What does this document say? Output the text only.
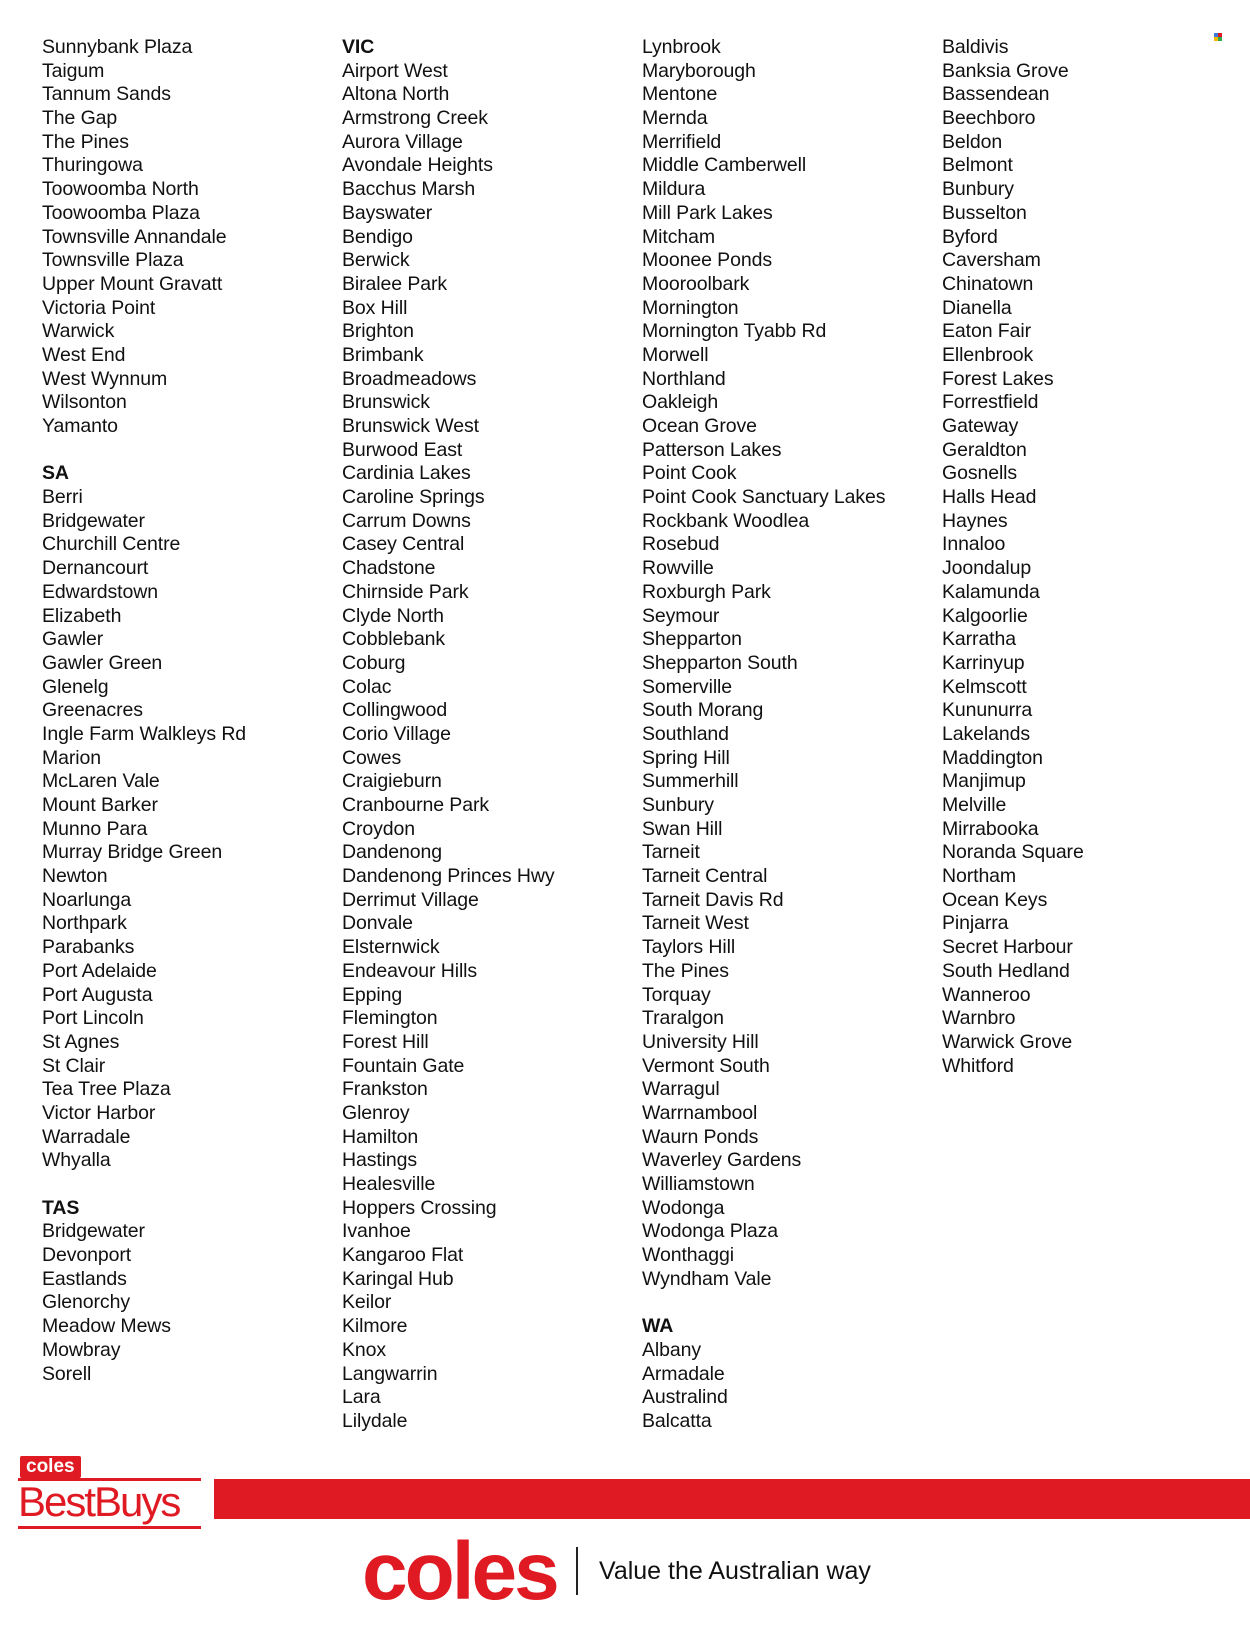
Sunnybank Plaza
Taigum
Tannum Sands
The Gap
The Pines
Thuringowa
Toowoomba North
Toowoomba Plaza
Townsville Annandale
Townsville Plaza
Upper Mount Gravatt
Victoria Point
Warwick
West End
West Wynnum
Wilsonton
Yamanto
SA
Berri
Bridgewater
Churchill Centre
Dernancourt
Edwardstown
Elizabeth
Gawler
Gawler Green
Glenelg
Greenacres
Ingle Farm Walkleys Rd
Marion
McLaren Vale
Mount Barker
Munno Para
Murray Bridge Green
Newton
Noarlunga
Northpark
Parabanks
Port Adelaide
Port Augusta
Port Lincoln
St Agnes
St Clair
Tea Tree Plaza
Victor Harbor
Warradale
Whyalla
TAS
Bridgewater
Devonport
Eastlands
Glenorchy
Meadow Mews
Mowbray
Sorell
VIC
Airport West
Altona North
Armstrong Creek
Aurora Village
Avondale Heights
Bacchus Marsh
Bayswater
Bendigo
Berwick
Biralee Park
Box Hill
Brighton
Brimbank
Broadmeadows
Brunswick
Brunswick West
Burwood East
Cardinia Lakes
Caroline Springs
Carrum Downs
Casey Central
Chadstone
Chirnside Park
Clyde North
Cobblebank
Coburg
Colac
Collingwood
Corio Village
Cowes
Craigieburn
Cranbourne Park
Croydon
Dandenong
Dandenong Princes Hwy
Derrimut Village
Donvale
Elsternwick
Endeavour Hills
Epping
Flemington
Forest Hill
Fountain Gate
Frankston
Glenroy
Hamilton
Hastings
Healesville
Hoppers Crossing
Ivanhoe
Kangaroo Flat
Karingal Hub
Keilor
Kilmore
Knox
Langwarrin
Lara
Lilydale
Lynbrook
Maryborough
Mentone
Mernda
Merrifield
Middle Camberwell
Mildura
Mill Park Lakes
Mitcham
Moonee Ponds
Mooroolbark
Mornington
Mornington Tyabb Rd
Morwell
Northland
Oakleigh
Ocean Grove
Patterson Lakes
Point Cook
Point Cook Sanctuary Lakes
Rockbank Woodlea
Rosebud
Rowville
Roxburgh Park
Seymour
Shepparton
Shepparton South
Somerville
South Morang
Southland
Spring Hill
Summerhill
Sunbury
Swan Hill
Tarneit
Tarneit Central
Tarneit Davis Rd
Tarneit West
Taylors Hill
The Pines
Torquay
Traralgon
University Hill
Vermont South
Warragul
Warrnambool
Waurn Ponds
Waverley Gardens
Williamstown
Wodonga
Wodonga Plaza
Wonthaggi
Wyndham Vale
WA
Albany
Armadale
Australind
Balcatta
Baldivis
Banksia Grove
Bassendean
Beechboro
Beldon
Belmont
Bunbury
Busselton
Byford
Caversham
Chinatown
Dianella
Eaton Fair
Ellenbrook
Forest Lakes
Forrestfield
Gateway
Geraldton
Gosnells
Halls Head
Haynes
Innaloo
Joondalup
Kalamunda
Kalgoorlie
Karratha
Karrinyup
Kelmscott
Kununurra
Lakelands
Maddington
Manjimup
Melville
Mirrabooka
Noranda Square
Northam
Ocean Keys
Pinjarra
Secret Harbour
South Hedland
Wanneroo
Warnbro
Warwick Grove
Whitford
coles
BestBuys
coles Value the Australian way
